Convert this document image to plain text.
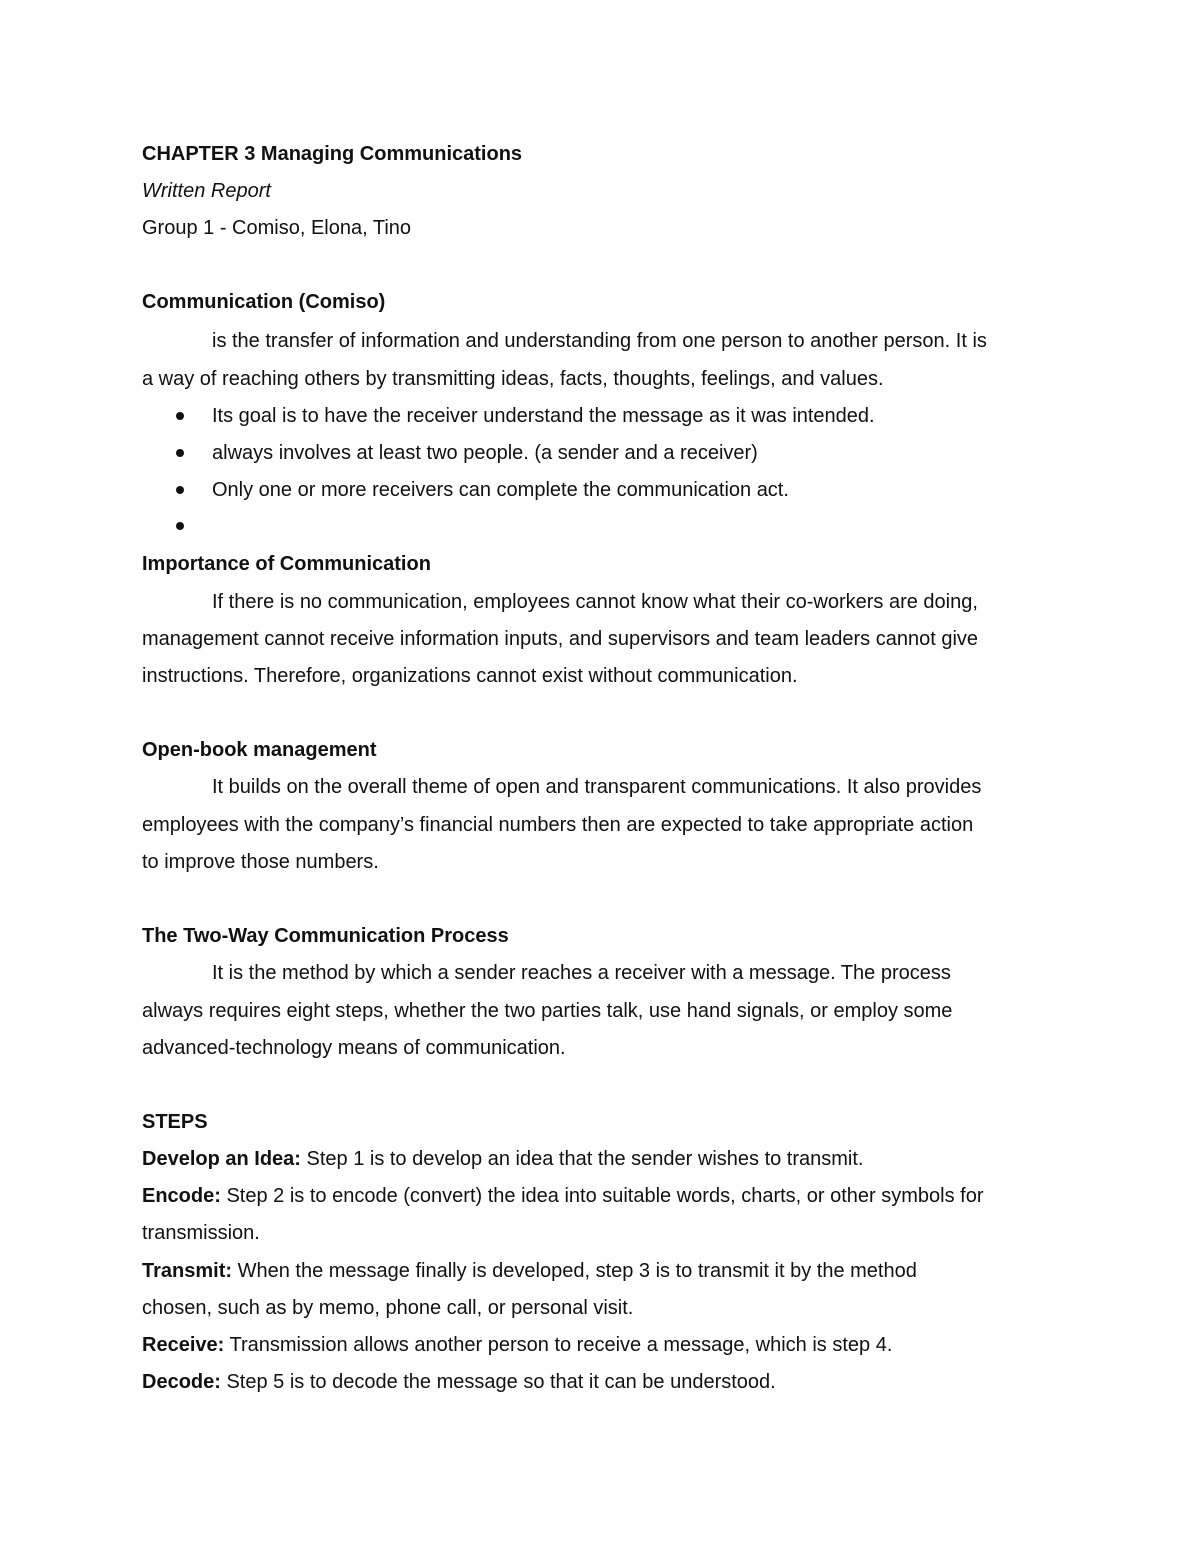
CHAPTER 3 Managing Communications
Written Report
Group 1 - Comiso, Elona, Tino
Communication (Comiso)
is the transfer of information and understanding from one person to another person. It is
a way of reaching others by transmitting ideas, facts, thoughts, feelings, and values.
Its goal is to have the receiver understand the message as it was intended.
always involves at least two people. (a sender and a receiver)
Only one or more receivers can complete the communication act.
Importance of Communication
If there is no communication, employees cannot know what their co-workers are doing,
management cannot receive information inputs, and supervisors and team leaders cannot give
instructions. Therefore, organizations cannot exist without communication.
Open-book management
It builds on the overall theme of open and transparent communications. It also provides
employees with the company’s financial numbers then are expected to take appropriate action
to improve those numbers.
The Two-Way Communication Process
It is the method by which a sender reaches a receiver with a message. The process
always requires eight steps, whether the two parties talk, use hand signals, or employ some
advanced-technology means of communication.
STEPS
Develop an Idea: Step 1 is to develop an idea that the sender wishes to transmit.
Encode: Step 2 is to encode (convert) the idea into suitable words, charts, or other symbols for
transmission.
Transmit: When the message finally is developed, step 3 is to transmit it by the method
chosen, such as by memo, phone call, or personal visit.
Receive: Transmission allows another person to receive a message, which is step 4.
Decode: Step 5 is to decode the message so that it can be understood.
